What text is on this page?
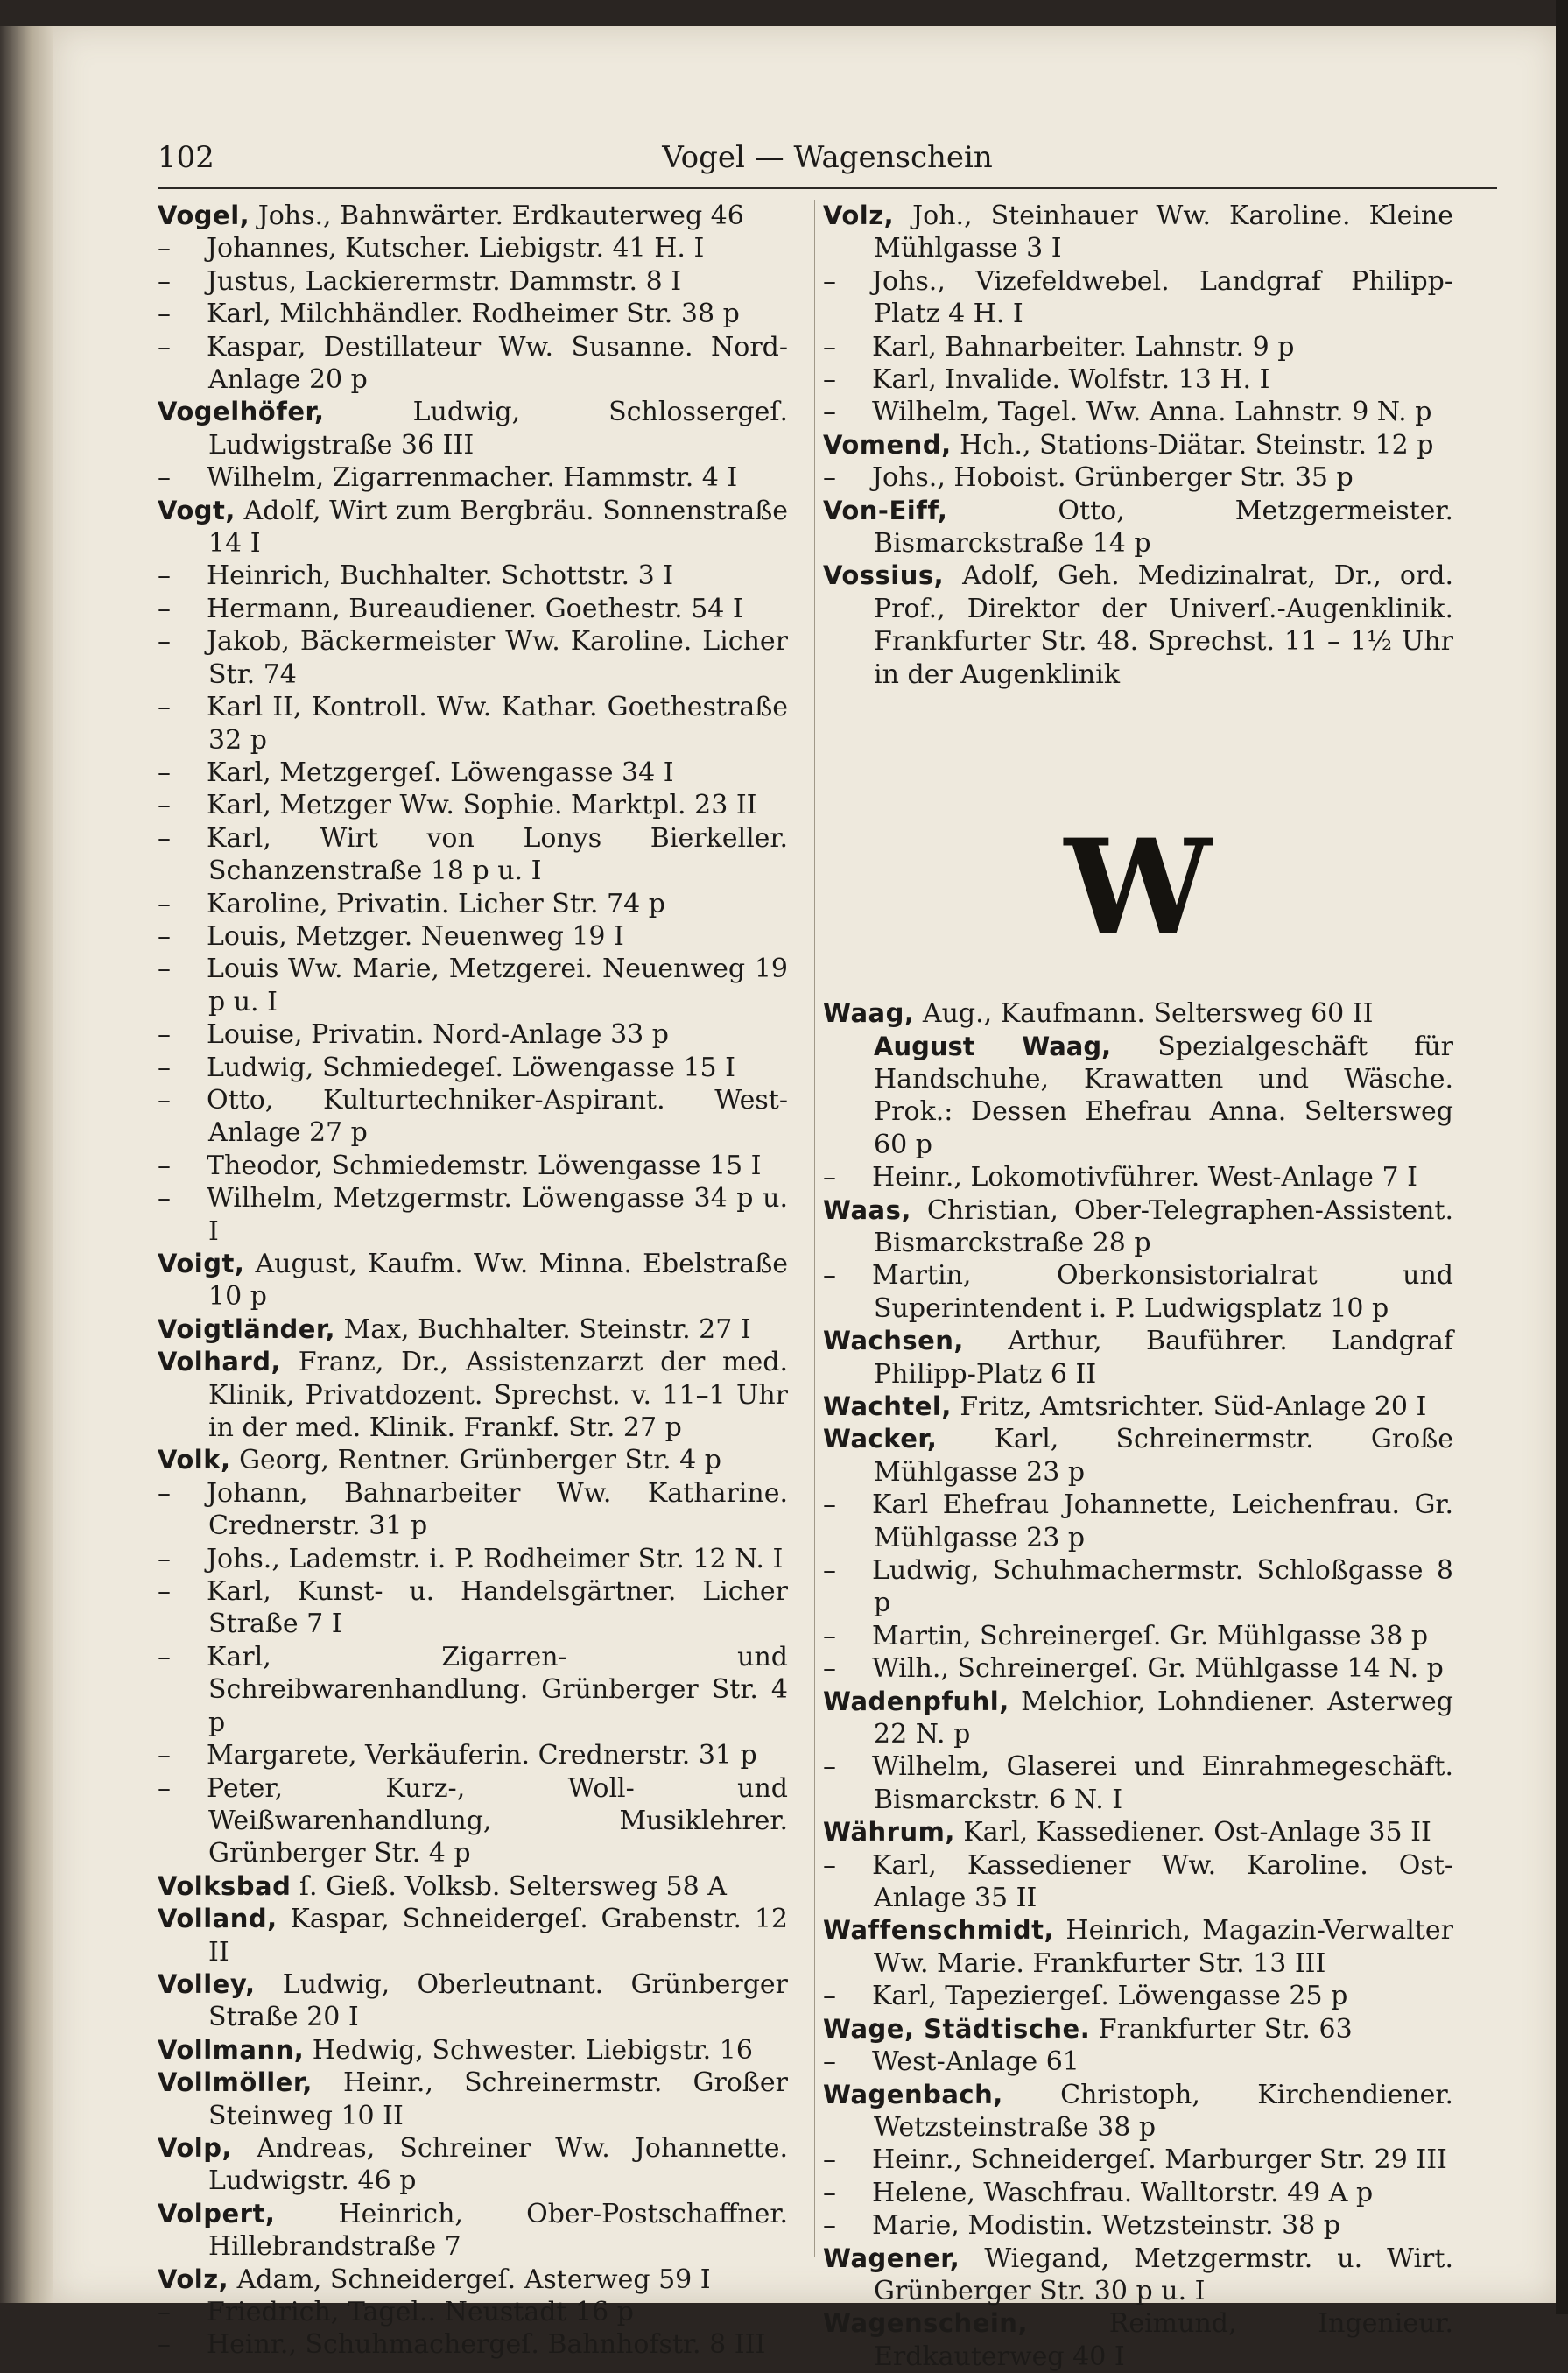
102	Vogel — Wagenschein

Vogel, Johs., Bahnwärter. Erdkauterweg 46

– Johannes, Kutscher. Liebigstr. 41 H. I

– Justus, Lackierermstr. Dammstr. 8 I

– Karl, Milchhändler. Rodheimer Str. 38 p

– Kaspar, Destillateur Ww. Susanne. Nord-Anlage 20 p

Vogelhöfer, Ludwig, Schlossergeſ. Ludwigstraße 36 III

– Wilhelm, Zigarrenmacher. Hammstr. 4 I

Vogt, Adolf, Wirt zum Bergbräu. Sonnenstraße 14 I

– Heinrich, Buchhalter. Schottstr. 3 I

– Hermann, Bureaudiener. Goethestr. 54 I

– Jakob, Bäckermeister Ww. Karoline. Licher Str. 74

– Karl II, Kontroll. Ww. Kathar. Goethestraße 32 p

– Karl, Metzgergeſ. Löwengasse 34 I

– Karl, Metzger Ww. Sophie. Marktpl. 23 II

– Karl, Wirt von Lonys Bierkeller. Schanzenstraße 18 p u. I

– Karoline, Privatin. Licher Str. 74 p

– Louis, Metzger. Neuenweg 19 I

– Louis Ww. Marie, Metzgerei. Neuenweg 19 p u. I

– Louise, Privatin. Nord-Anlage 33 p

– Ludwig, Schmiedegeſ. Löwengasse 15 I

– Otto, Kulturtechniker-Aspirant. West-Anlage 27 p

– Theodor, Schmiedemstr. Löwengasse 15 I

– Wilhelm, Metzgermstr. Löwengasse 34 p u. I

Voigt, August, Kaufm. Ww. Minna. Ebelstraße 10 p

Voigtländer, Max, Buchhalter. Steinstr. 27 I

Volhard, Franz, Dr., Assistenzarzt der med. Klinik, Privatdozent. Sprechst. v. 11–1 Uhr in der med. Klinik. Frankf. Str. 27 p

Volk, Georg, Rentner. Grünberger Str. 4 p

– Johann, Bahnarbeiter Ww. Katharine. Crednerstr. 31 p

– Johs., Lademstr. i. P. Rodheimer Str. 12 N. I

– Karl, Kunst- u. Handelsgärtner. Licher Straße 7 I

– Karl, Zigarren- und Schreibwarenhandlung. Grünberger Str. 4 p

– Margarete, Verkäuferin. Crednerstr. 31 p

– Peter, Kurz-, Woll- und Weißwarenhandlung, Musiklehrer. Grünberger Str. 4 p

Volksbad ſ. Gieß. Volksb. Seltersweg 58 A

Volland, Kaspar, Schneidergeſ. Grabenstr. 12 II

Volley, Ludwig, Oberleutnant. Grünberger Straße 20 I

Vollmann, Hedwig, Schwester. Liebigstr. 16

Vollmöller, Heinr., Schreinermstr. Großer Steinweg 10 II

Volp, Andreas, Schreiner Ww. Johannette. Ludwigstr. 46 p

Volpert, Heinrich, Ober-Postschaffner. Hillebrandstraße 7

Volz, Adam, Schneidergeſ. Asterweg 59 I

– Friedrich, Tagel.. Neustadt 16 p

– Heinr., Schuhmachergeſ. Bahnhofstr. 8 III

Volz, Joh., Steinhauer Ww. Karoline. Kleine Mühlgasse 3 I

– Johs., Vizefeldwebel. Landgraf Philipp-Platz 4 H. I

– Karl, Bahnarbeiter. Lahnstr. 9 p

– Karl, Invalide. Wolfstr. 13 H. I

– Wilhelm, Tagel. Ww. Anna. Lahnstr. 9 N. p

Vomend, Hch., Stations-Diätar. Steinstr. 12 p

– Johs., Hoboist. Grünberger Str. 35 p

Von-Eiff, Otto, Metzgermeister. Bismarckstraße 14 p

Vossius, Adolf, Geh. Medizinalrat, Dr., ord. Prof., Direktor der Univerſ.-Augenklinik. Frankfurter Str. 48. Sprechst. 11 – 1½ Uhr in der Augenklinik

W

Waag, Aug., Kaufmann. Seltersweg 60 II

August Waag, Spezialgeschäft für Handschuhe, Krawatten und Wäsche. Prok.: Dessen Ehefrau Anna. Seltersweg 60 p

– Heinr., Lokomotivführer. West-Anlage 7 I

Waas, Christian, Ober-Telegraphen-Assistent. Bismarckstraße 28 p

– Martin, Oberkonsistorialrat und Superintendent i. P. Ludwigsplatz 10 p

Wachsen, Arthur, Bauführer. Landgraf Philipp-Platz 6 II

Wachtel, Fritz, Amtsrichter. Süd-Anlage 20 I

Wacker, Karl, Schreinermstr. Große Mühlgasse 23 p

– Karl Ehefrau Johannette, Leichenfrau. Gr. Mühlgasse 23 p

– Ludwig, Schuhmachermstr. Schloßgasse 8 p

– Martin, Schreinergeſ. Gr. Mühlgasse 38 p

– Wilh., Schreinergeſ. Gr. Mühlgasse 14 N. p

Wadenpfuhl, Melchior, Lohndiener. Asterweg 22 N. p

– Wilhelm, Glaserei und Einrahmegeschäft. Bismarckstr. 6 N. I

Währum, Karl, Kassediener. Ost-Anlage 35 II

– Karl, Kassediener Ww. Karoline. Ost-Anlage 35 II

Waffenschmidt, Heinrich, Magazin-Verwalter Ww. Marie. Frankfurter Str. 13 III

– Karl, Tapeziergeſ. Löwengasse 25 p

Wage, Städtische. Frankfurter Str. 63

– West-Anlage 61

Wagenbach, Christoph, Kirchendiener. Wetzsteinstraße 38 p

– Heinr., Schneidergeſ. Marburger Str. 29 III

– Helene, Waschfrau. Walltorstr. 49 A p

– Marie, Modistin. Wetzsteinstr. 38 p

Wagener, Wiegand, Metzgermstr. u. Wirt. Grünberger Str. 30 p u. I

Wagenschein, Reimund, Ingenieur. Erdkauterweg 40 I
